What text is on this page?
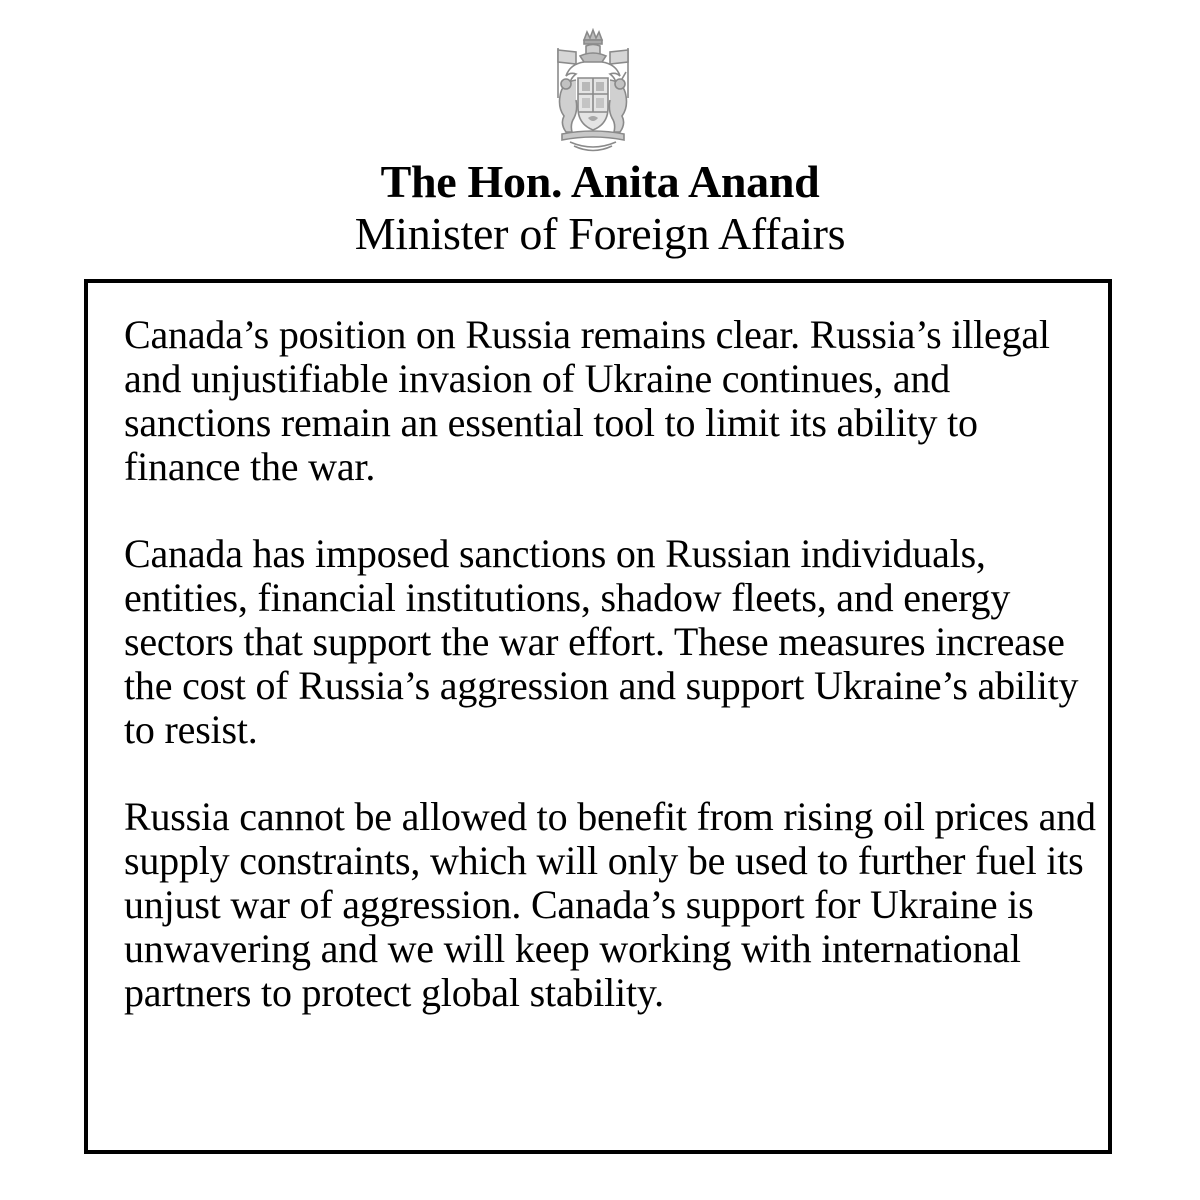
The Hon. Anita Anand
Minister of Foreign Affairs

Canada’s position on Russia remains clear. Russia’s illegal and unjustifiable invasion of Ukraine continues, and sanctions remain an essential tool to limit its ability to finance the war.

Canada has imposed sanctions on Russian individuals, entities, financial institutions, shadow fleets, and energy sectors that support the war effort. These measures increase the cost of Russia’s aggression and support Ukraine’s ability to resist.

Russia cannot be allowed to benefit from rising oil prices and supply constraints, which will only be used to further fuel its unjust war of aggression. Canada’s support for Ukraine is unwavering and we will keep working with international partners to protect global stability.
